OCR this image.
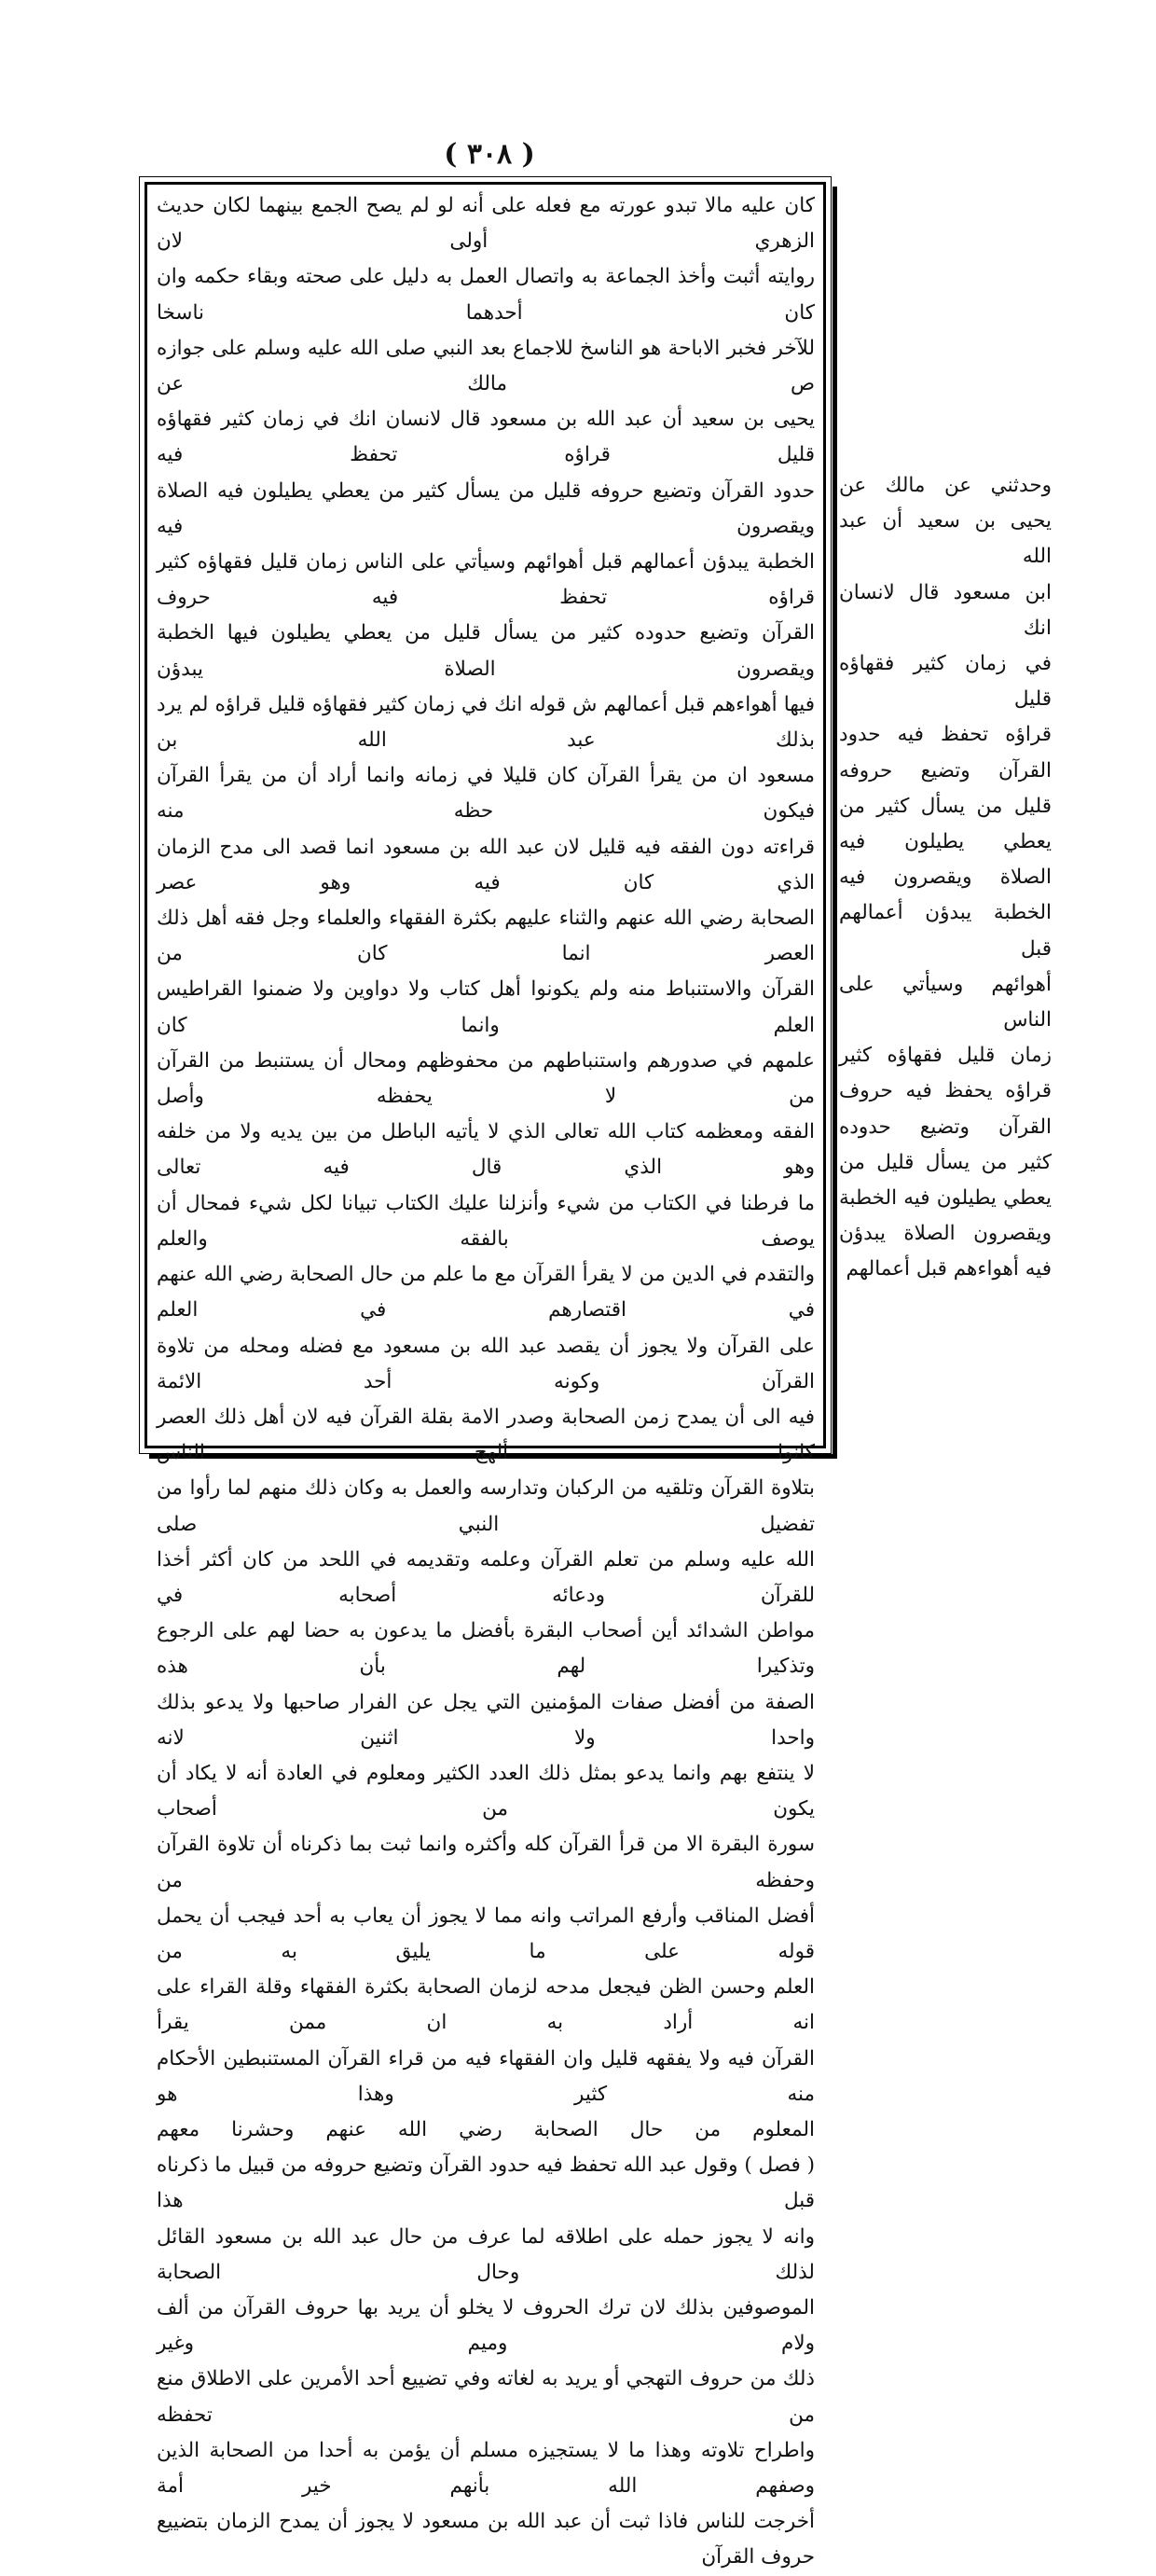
( ٣٠٨ )

كان عليه مالا تبدو عورته مع فعله على أنه لو لم يصح الجمع بينهما لكان حديث الزهري أولى لان

روايته أثبت وأخذ الجماعة به واتصال العمل به دليل على صحته وبقاء حكمه وان كان أحدهما ناسخا

للآخر فخبر الاباحة هو الناسخ للاجماع بعد النبي صلى الله عليه وسلم على جوازه ص مالك عن

يحيى بن سعيد أن عبد الله بن مسعود قال لانسان انك في زمان كثير فقهاؤه قليل قراؤه تحفظ فيه

حدود القرآن وتضيع حروفه قليل من يسأل كثير من يعطي يطيلون فيه الصلاة ويقصرون فيه

الخطبة يبدؤن أعمالهم قبل أهوائهم وسيأتي على الناس زمان قليل فقهاؤه كثير قراؤه تحفظ فيه حروف

القرآن وتضيع حدوده كثير من يسأل قليل من يعطي يطيلون فيها الخطبة ويقصرون الصلاة يبدؤن

فيها أهواءهم قبل أعمالهم ش قوله انك في زمان كثير فقهاؤه قليل قراؤه لم يرد بذلك عبد الله بن

مسعود ان من يقرأ القرآن كان قليلا في زمانه وانما أراد أن من يقرأ القرآن فيكون حظه منه

قراءته دون الفقه فيه قليل لان عبد الله بن مسعود انما قصد الى مدح الزمان الذي كان فيه وهو عصر

الصحابة رضي الله عنهم والثناء عليهم بكثرة الفقهاء والعلماء وجل فقه أهل ذلك العصر انما كان من

القرآن والاستنباط منه ولم يكونوا أهل كتاب ولا دواوين ولا ضمنوا القراطيس العلم وانما كان

علمهم في صدورهم واستنباطهم من محفوظهم ومحال أن يستنبط من القرآن من لا يحفظه وأصل

الفقه ومعظمه كتاب الله تعالى الذي لا يأتيه الباطل من بين يديه ولا من خلفه وهو الذي قال فيه تعالى

ما فرطنا في الكتاب من شيء وأنزلنا عليك الكتاب تبيانا لكل شيء فمحال أن يوصف بالفقه والعلم

والتقدم في الدين من لا يقرأ القرآن مع ما علم من حال الصحابة رضي الله عنهم في اقتصارهم في العلم

على القرآن ولا يجوز أن يقصد عبد الله بن مسعود مع فضله ومحله من تلاوة القرآن وكونه أحد الائمة

فيه الى أن يمدح زمن الصحابة وصدر الامة بقلة القرآن فيه لان أهل ذلك العصر كانوا ألهج الناس

بتلاوة القرآن وتلقيه من الركبان وتدارسه والعمل به وكان ذلك منهم لما رأوا من تفضيل النبي صلى

الله عليه وسلم من تعلم القرآن وعلمه وتقديمه في اللحد من كان أكثر أخذا للقرآن ودعائه أصحابه في

مواطن الشدائد أين أصحاب البقرة بأفضل ما يدعون به حضا لهم على الرجوع وتذكيرا لهم بأن هذه

الصفة من أفضل صفات المؤمنين التي يجل عن الفرار صاحبها ولا يدعو بذلك واحدا ولا اثنين لانه

لا ينتفع بهم وانما يدعو بمثل ذلك العدد الكثير ومعلوم في العادة أنه لا يكاد أن يكون من أصحاب

سورة البقرة الا من قرأ القرآن كله وأكثره وانما ثبت بما ذكرناه أن تلاوة القرآن وحفظه من

أفضل المناقب وأرفع المراتب وانه مما لا يجوز أن يعاب به أحد فيجب أن يحمل قوله على ما يليق به من

العلم وحسن الظن فيجعل مدحه لزمان الصحابة بكثرة الفقهاء وقلة القراء على انه أراد به ان ممن يقرأ

القرآن فيه ولا يفقهه قليل وان الفقهاء فيه من قراء القرآن المستنبطين الأحكام منه كثير وهذا هو

المعلوم من حال الصحابة رضي الله عنهم وحشرنا معهم

( فصل ) وقول عبد الله تحفظ فيه حدود القرآن وتضيع حروفه من قبيل ما ذكرناه قبل هذا

وانه لا يجوز حمله على اطلاقه لما عرف من حال عبد الله بن مسعود القائل لذلك وحال الصحابة

الموصوفين بذلك لان ترك الحروف لا يخلو أن يريد بها حروف القرآن من ألف ولام وميم وغير

ذلك من حروف التهجي أو يريد به لغاته وفي تضييع أحد الأمرين على الاطلاق منع من تحفظه

واطراح تلاوته وهذا ما لا يستجيزه مسلم أن يؤمن به أحدا من الصحابة الذين وصفهم الله بأنهم خير أمة

أخرجت للناس فاذا ثبت أن عبد الله بن مسعود لا يجوز أن يمدح الزمان بتضييع حروف القرآن

وحدثني عن مالك عن

يحيى بن سعيد أن عبد الله

ابن مسعود قال لانسان انك

في زمان كثير فقهاؤه قليل

قراؤه تحفظ فيه حدود

القرآن وتضيع حروفه

قليل من يسأل كثير من

يعطي يطيلون فيه

الصلاة ويقصرون فيه

الخطبة يبدؤن أعمالهم قبل

أهوائهم وسيأتي على الناس

زمان قليل فقهاؤه كثير

قراؤه يحفظ فيه حروف

القرآن وتضيع حدوده

كثير من يسأل قليل من

يعطي يطيلون فيه الخطبة

ويقصرون الصلاة يبدؤن

فيه أهواءهم قبل أعمالهم
